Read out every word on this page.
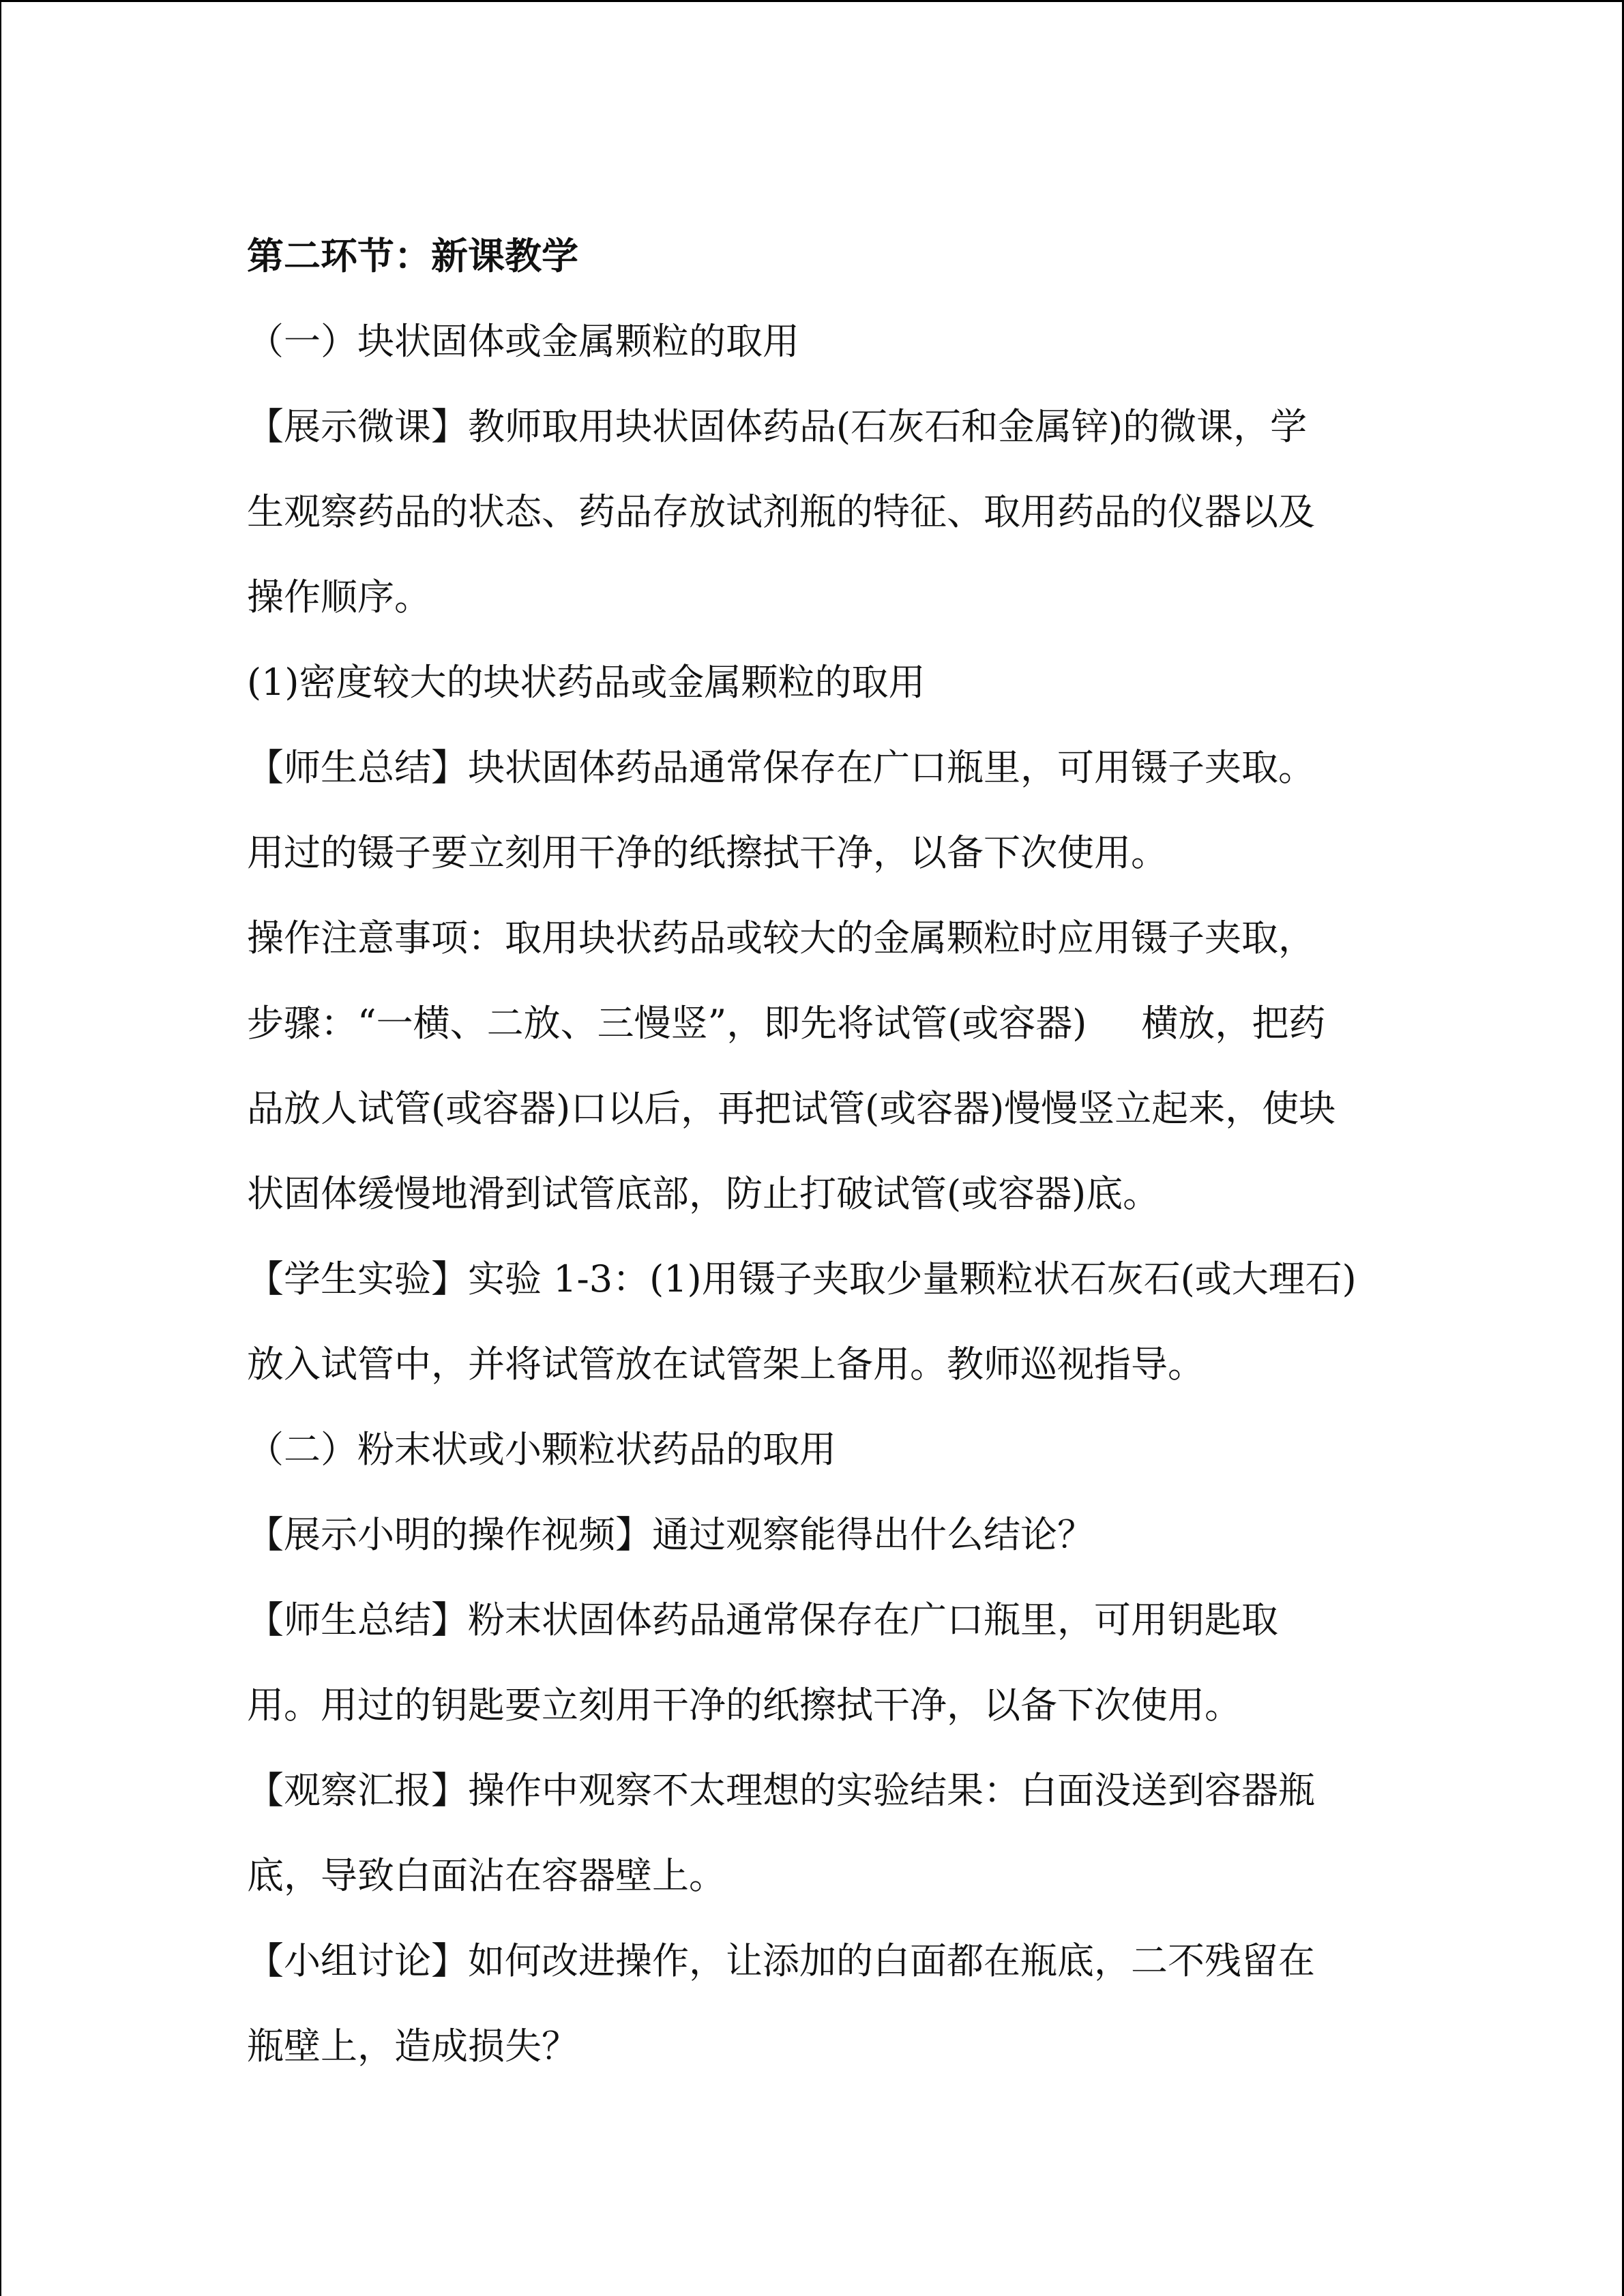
第二环节：新课教学
（一）块状固体或金属颗粒的取用
【展示微课】教师取用块状固体药品(石灰石和金属锌)的微课，学
生观察药品的状态、药品存放试剂瓶的特征、取用药品的仪器以及
操作顺序。
(1)密度较大的块状药品或金属颗粒的取用
【师生总结】块状固体药品通常保存在广口瓶里，可用镊子夹取。
用过的镊子要立刻用干净的纸擦拭干净，以备下次使用。
操作注意事项：取用块状药品或较大的金属颗粒时应用镊子夹取，
步骤：“一横、二放、三慢竖”，即先将试管(或容器) 横放，把药
品放人试管(或容器)口以后，再把试管(或容器)慢慢竖立起来，使块
状固体缓慢地滑到试管底部，防止打破试管(或容器)底。
【学生实验】实验 1-3：(1)用镊子夹取少量颗粒状石灰石(或大理石)
放入试管中，并将试管放在试管架上备用。教师巡视指导。
（二）粉末状或小颗粒状药品的取用
【展示小明的操作视频】通过观察能得出什么结论？
【师生总结】粉末状固体药品通常保存在广口瓶里，可用钥匙取
用。用过的钥匙要立刻用干净的纸擦拭干净，以备下次使用。
【观察汇报】操作中观察不太理想的实验结果：白面没送到容器瓶
底，导致白面沾在容器壁上。
【小组讨论】如何改进操作，让添加的白面都在瓶底，二不残留在
瓶壁上，造成损失？
